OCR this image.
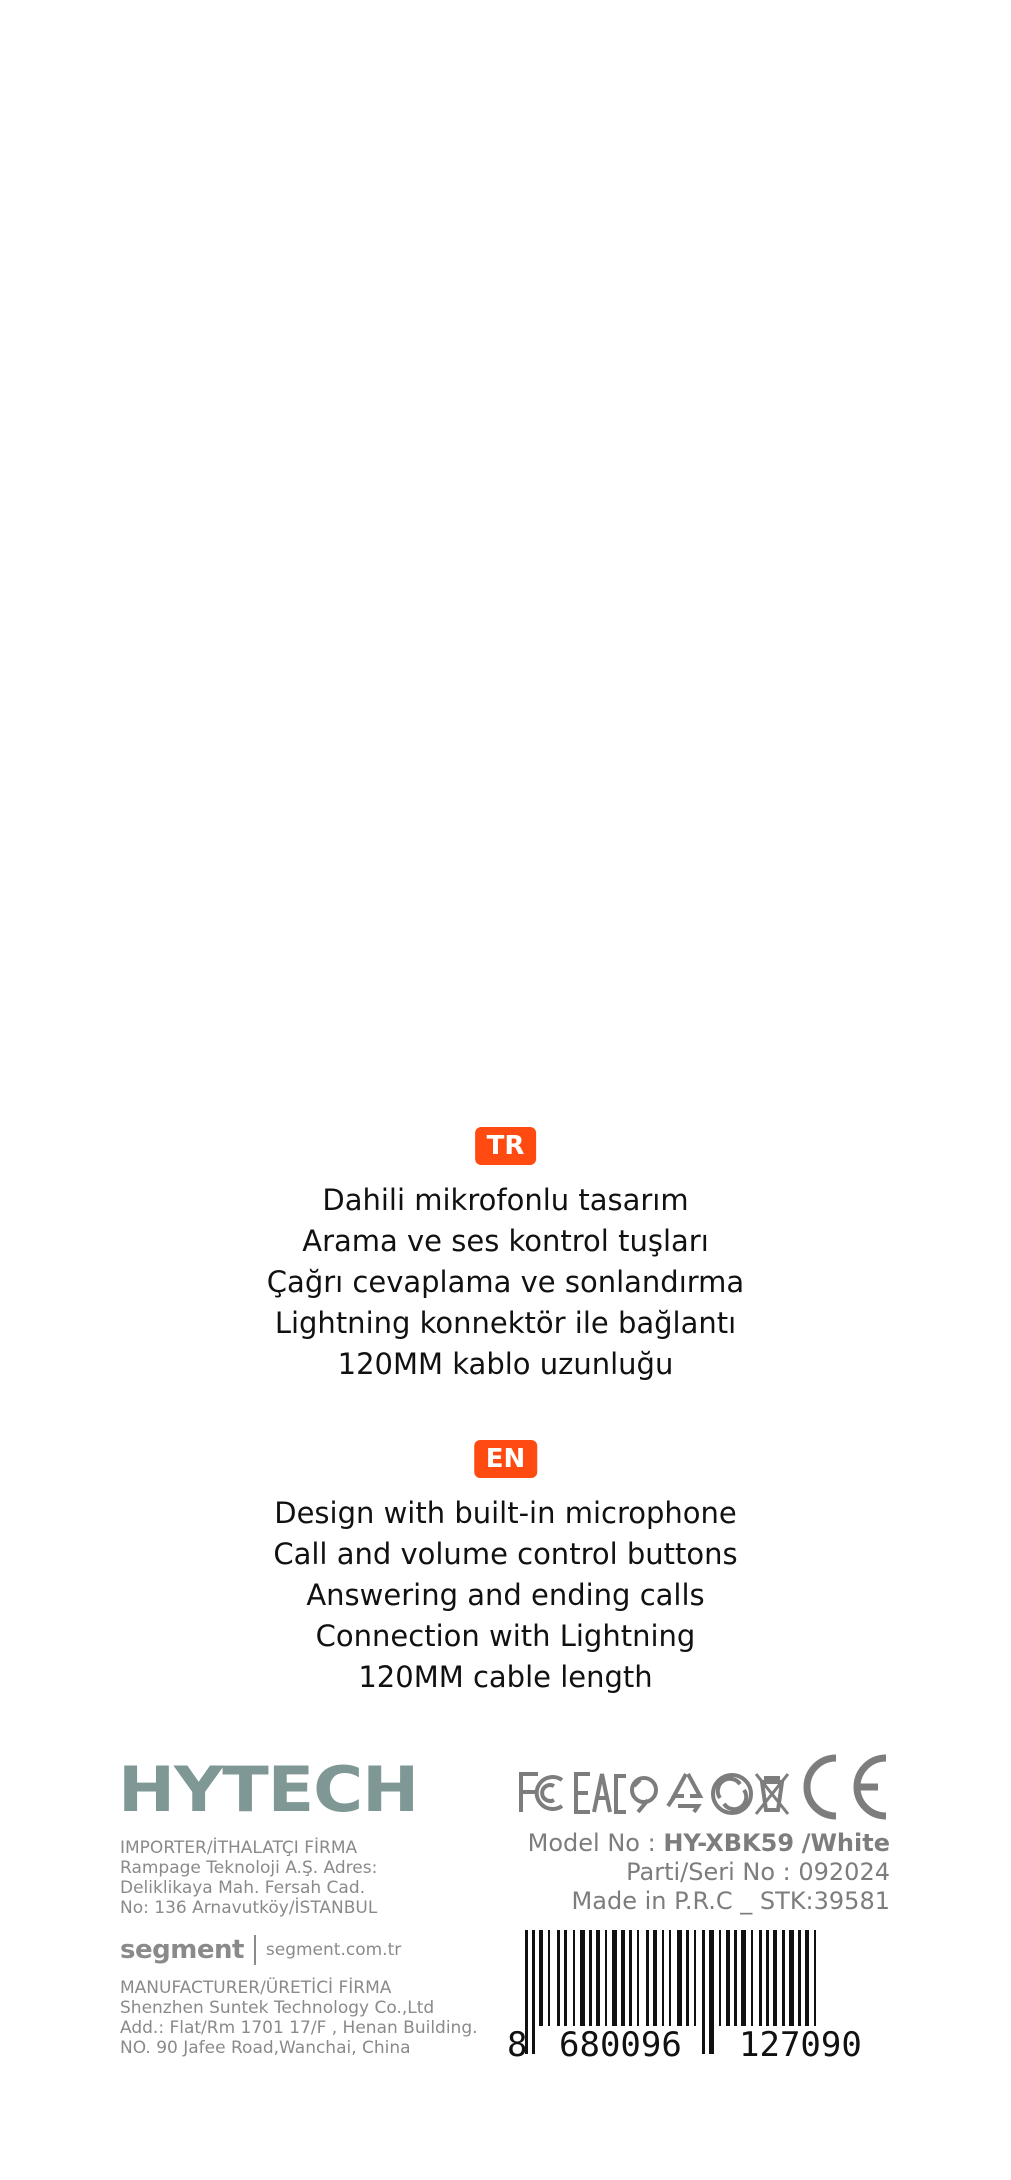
TR
Dahili mikrofonlu tasarım
Arama ve ses kontrol tuşları
Çağrı cevaplama ve sonlandırma
Lightning konnektör ile bağlantı
120MM kablo uzunluğu
EN
Design with built-in microphone
Call and volume control buttons
Answering and ending calls
Connection with Lightning
120MM cable length
HYTECH
IMPORTER/İTHALATÇI FİRMA
Rampage Teknoloji A.Ş. Adres:
Deliklikaya Mah. Fersah Cad.
No: 136 Arnavutköy/İSTANBUL
segment segment.com.tr
MANUFACTURER/ÜRETİCİ FİRMA
Shenzhen Suntek Technology Co.,Ltd
Add.: Flat/Rm 1701 17/F , Henan Building.
NO. 90 Jafee Road,Wanchai, China
Model No : HY-XBK59 /White
Parti/Seri No : 092024
Made in P.R.C _ STK:39581
8 680096 127090
